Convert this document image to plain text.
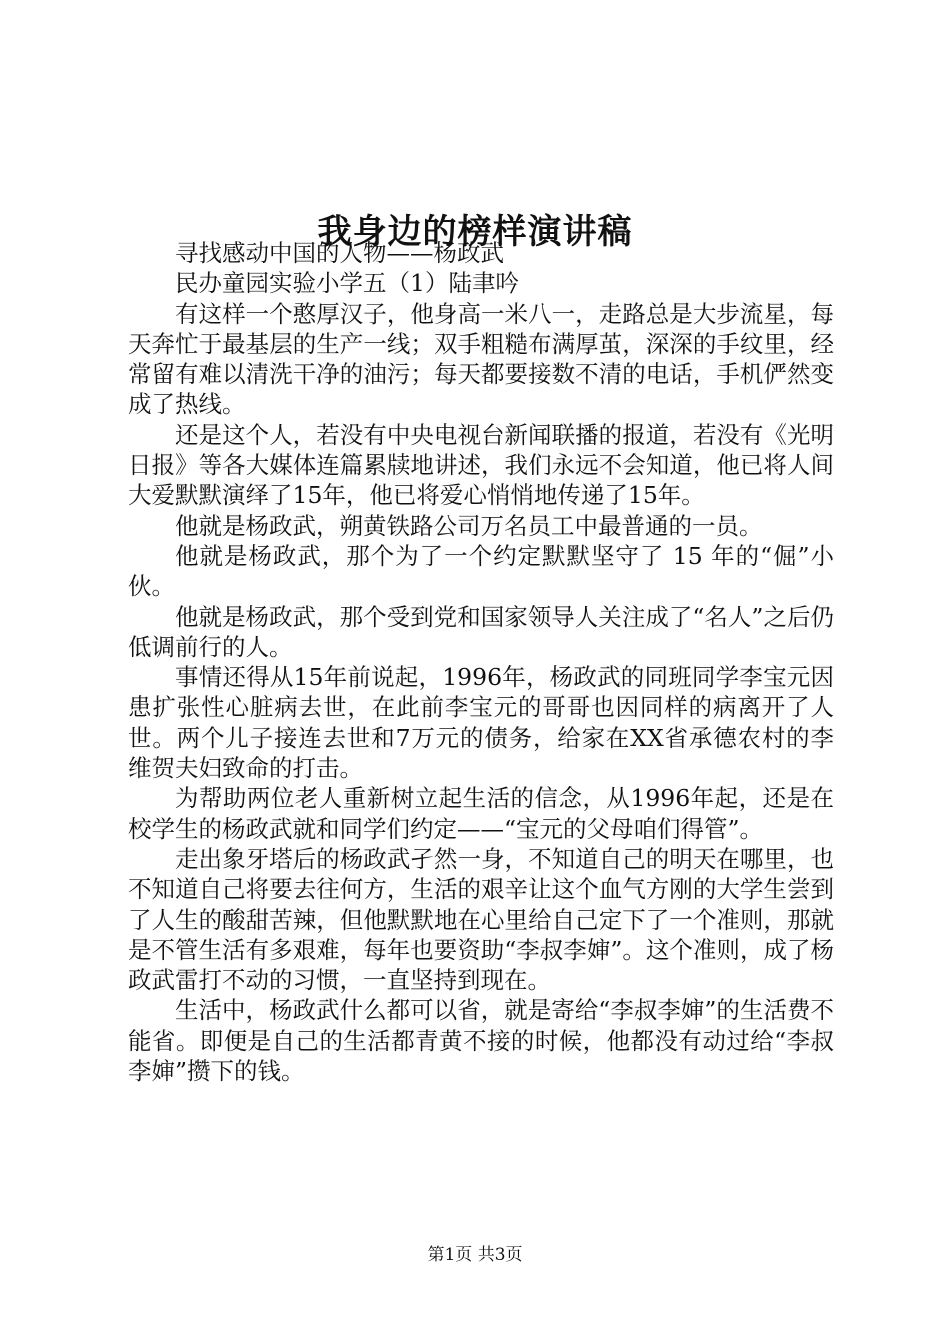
我身边的榜样演讲稿

寻找感动中国的人物——杨政武

民办童园实验小学五（1）陆聿吟

有这样一个憨厚汉子，他身高一米八一，走路总是大步流星，每天奔忙于最基层的生产一线；双手粗糙布满厚茧，深深的手纹里，经常留有难以清洗干净的油污；每天都要接数不清的电话，手机俨然变成了热线。

还是这个人，若没有中央电视台新闻联播的报道，若没有《光明日报》等各大媒体连篇累牍地讲述，我们永远不会知道，他已将人间大爱默默演绎了15年，他已将爱心悄悄地传递了15年。

他就是杨政武，朔黄铁路公司万名员工中最普通的一员。

他就是杨政武，那个为了一个约定默默坚守了 15 年的“倔”小伙。

他就是杨政武，那个受到党和国家领导人关注成了“名人”之后仍低调前行的人。

事情还得从15年前说起，1996年，杨政武的同班同学李宝元因患扩张性心脏病去世，在此前李宝元的哥哥也因同样的病离开了人世。两个儿子接连去世和7万元的债务，给家在XX省承德农村的李维贺夫妇致命的打击。

为帮助两位老人重新树立起生活的信念，从1996年起，还是在校学生的杨政武就和同学们约定——“宝元的父母咱们得管”。

走出象牙塔后的杨政武孑然一身，不知道自己的明天在哪里，也不知道自己将要去往何方，生活的艰辛让这个血气方刚的大学生尝到了人生的酸甜苦辣，但他默默地在心里给自己定下了一个准则，那就是不管生活有多艰难，每年也要资助“李叔李婶”。这个准则，成了杨政武雷打不动的习惯，一直坚持到现在。

生活中，杨政武什么都可以省，就是寄给“李叔李婶”的生活费不能省。即便是自己的生活都青黄不接的时候，他都没有动过给“李叔李婶”攒下的钱。

第1页 共3页
